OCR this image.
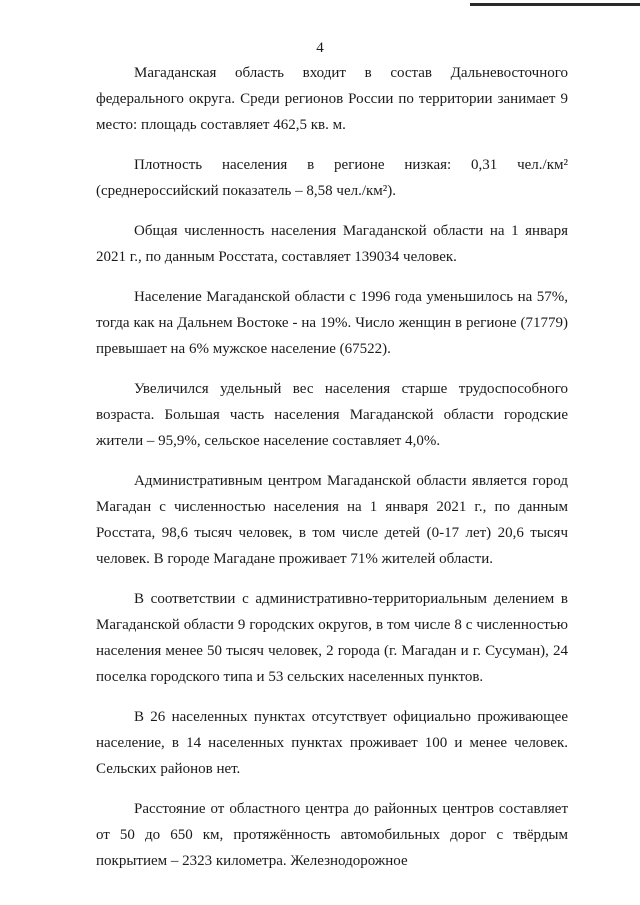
4

Магаданская область входит в состав Дальневосточного федерального округа. Среди регионов России по территории занимает 9 место: площадь составляет 462,5 кв. м.

Плотность населения в регионе низкая: 0,31 чел./км² (среднероссийский показатель – 8,58 чел./км²).

Общая численность населения Магаданской области на 1 января 2021 г., по данным Росстата, составляет 139034 человек.

Население Магаданской области с 1996 года уменьшилось на 57%, тогда как на Дальнем Востоке - на 19%. Число женщин в регионе (71779) превышает на 6% мужское население (67522).

Увеличился удельный вес населения старше трудоспособного возраста. Большая часть населения Магаданской области городские жители – 95,9%, сельское население составляет 4,0%.

Административным центром Магаданской области является город Магадан с численностью населения на 1 января 2021 г., по данным Росстата, 98,6 тысяч человек, в том числе детей (0-17 лет) 20,6 тысяч человек. В городе Магадане проживает 71% жителей области.

В соответствии с административно-территориальным делением в Магаданской области 9 городских округов, в том числе 8 с численностью населения менее 50 тысяч человек, 2 города (г. Магадан и г. Сусуман), 24 поселка городского типа и 53 сельских населенных пунктов.

В 26 населенных пунктах отсутствует официально проживающее население, в 14 населенных пунктах проживает 100 и менее человек. Сельских районов нет.

Расстояние от областного центра до районных центров составляет от 50 до 650 км, протяжённость автомобильных дорог с твёрдым покрытием – 2323 километра. Железнодорожное
